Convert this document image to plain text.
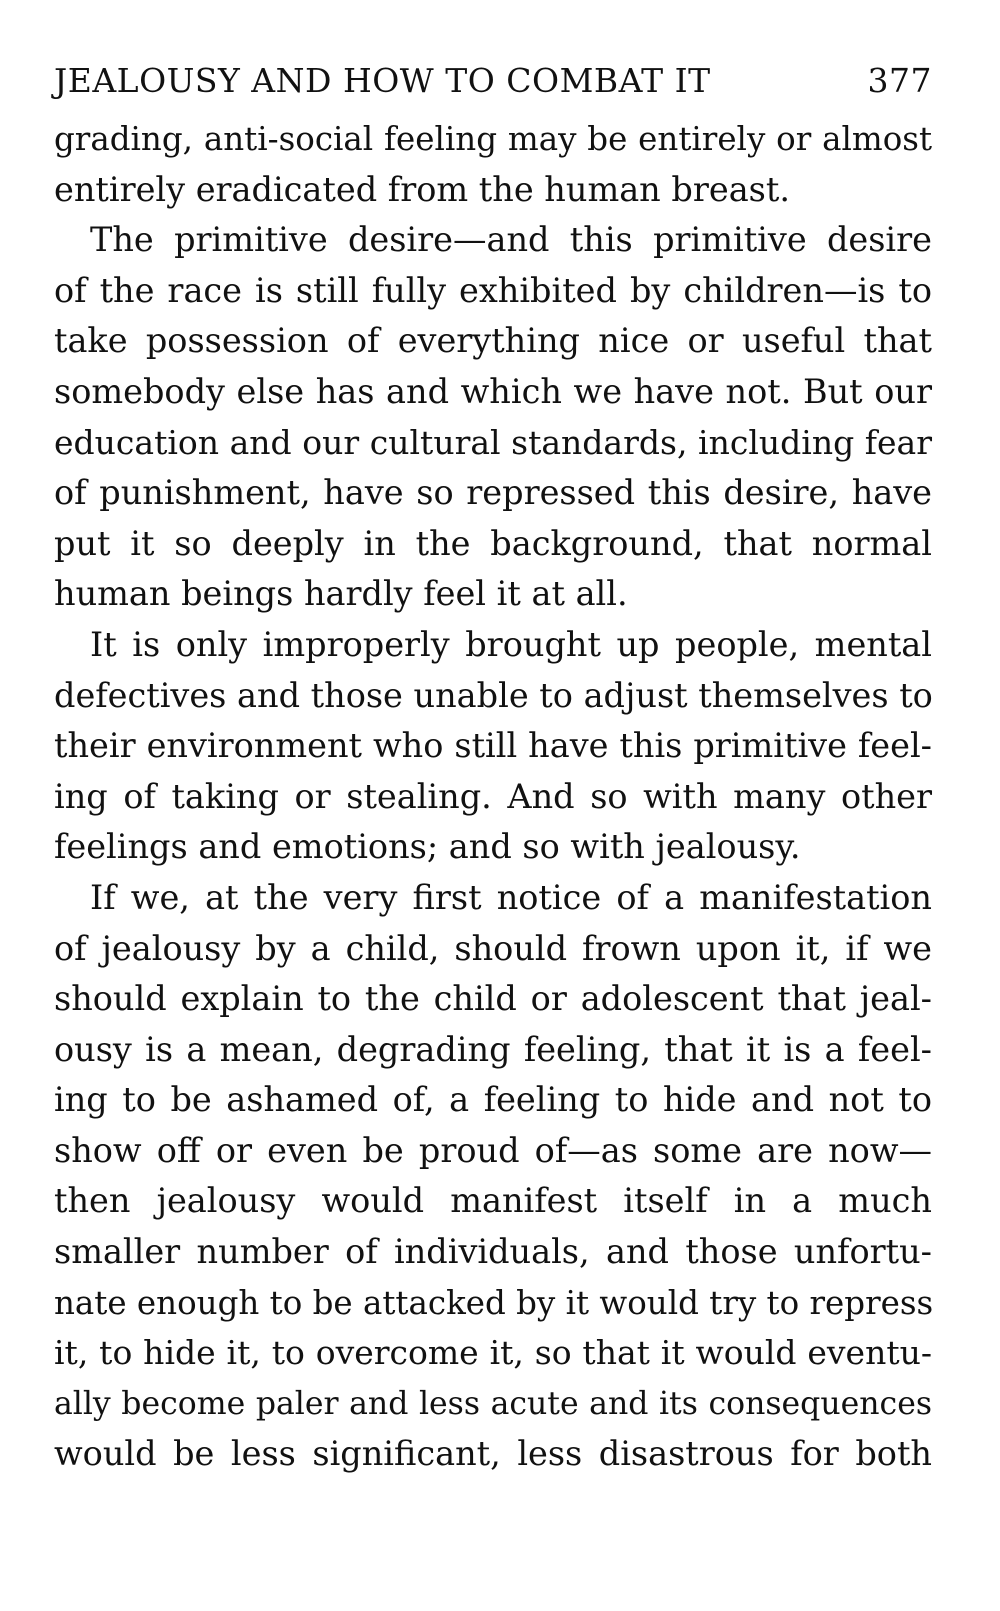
JEALOUSY AND HOW TO COMBAT IT	377
grading, anti-social feeling may be entirely or almost
entirely eradicated from the human breast.
The primitive desire—and this primitive desire
of the race is still fully exhibited by children—is to
take possession of everything nice or useful that
somebody else has and which we have not. But our
education and our cultural standards, including fear
of punishment, have so repressed this desire, have
put it so deeply in the background, that normal
human beings hardly feel it at all.
It is only improperly brought up people, mental
defectives and those unable to adjust themselves to
their environment who still have this primitive feel-
ing of taking or stealing. And so with many other
feelings and emotions; and so with jealousy.
If we, at the very first notice of a manifestation
of jealousy by a child, should frown upon it, if we
should explain to the child or adolescent that jeal-
ousy is a mean, degrading feeling, that it is a feel-
ing to be ashamed of, a feeling to hide and not to
show off or even be proud of—as some are now—
then jealousy would manifest itself in a much
smaller number of individuals, and those unfortu-
nate enough to be attacked by it would try to repress
it, to hide it, to overcome it, so that it would eventu-
ally become paler and less acute and its consequences
would be less significant, less disastrous for both
